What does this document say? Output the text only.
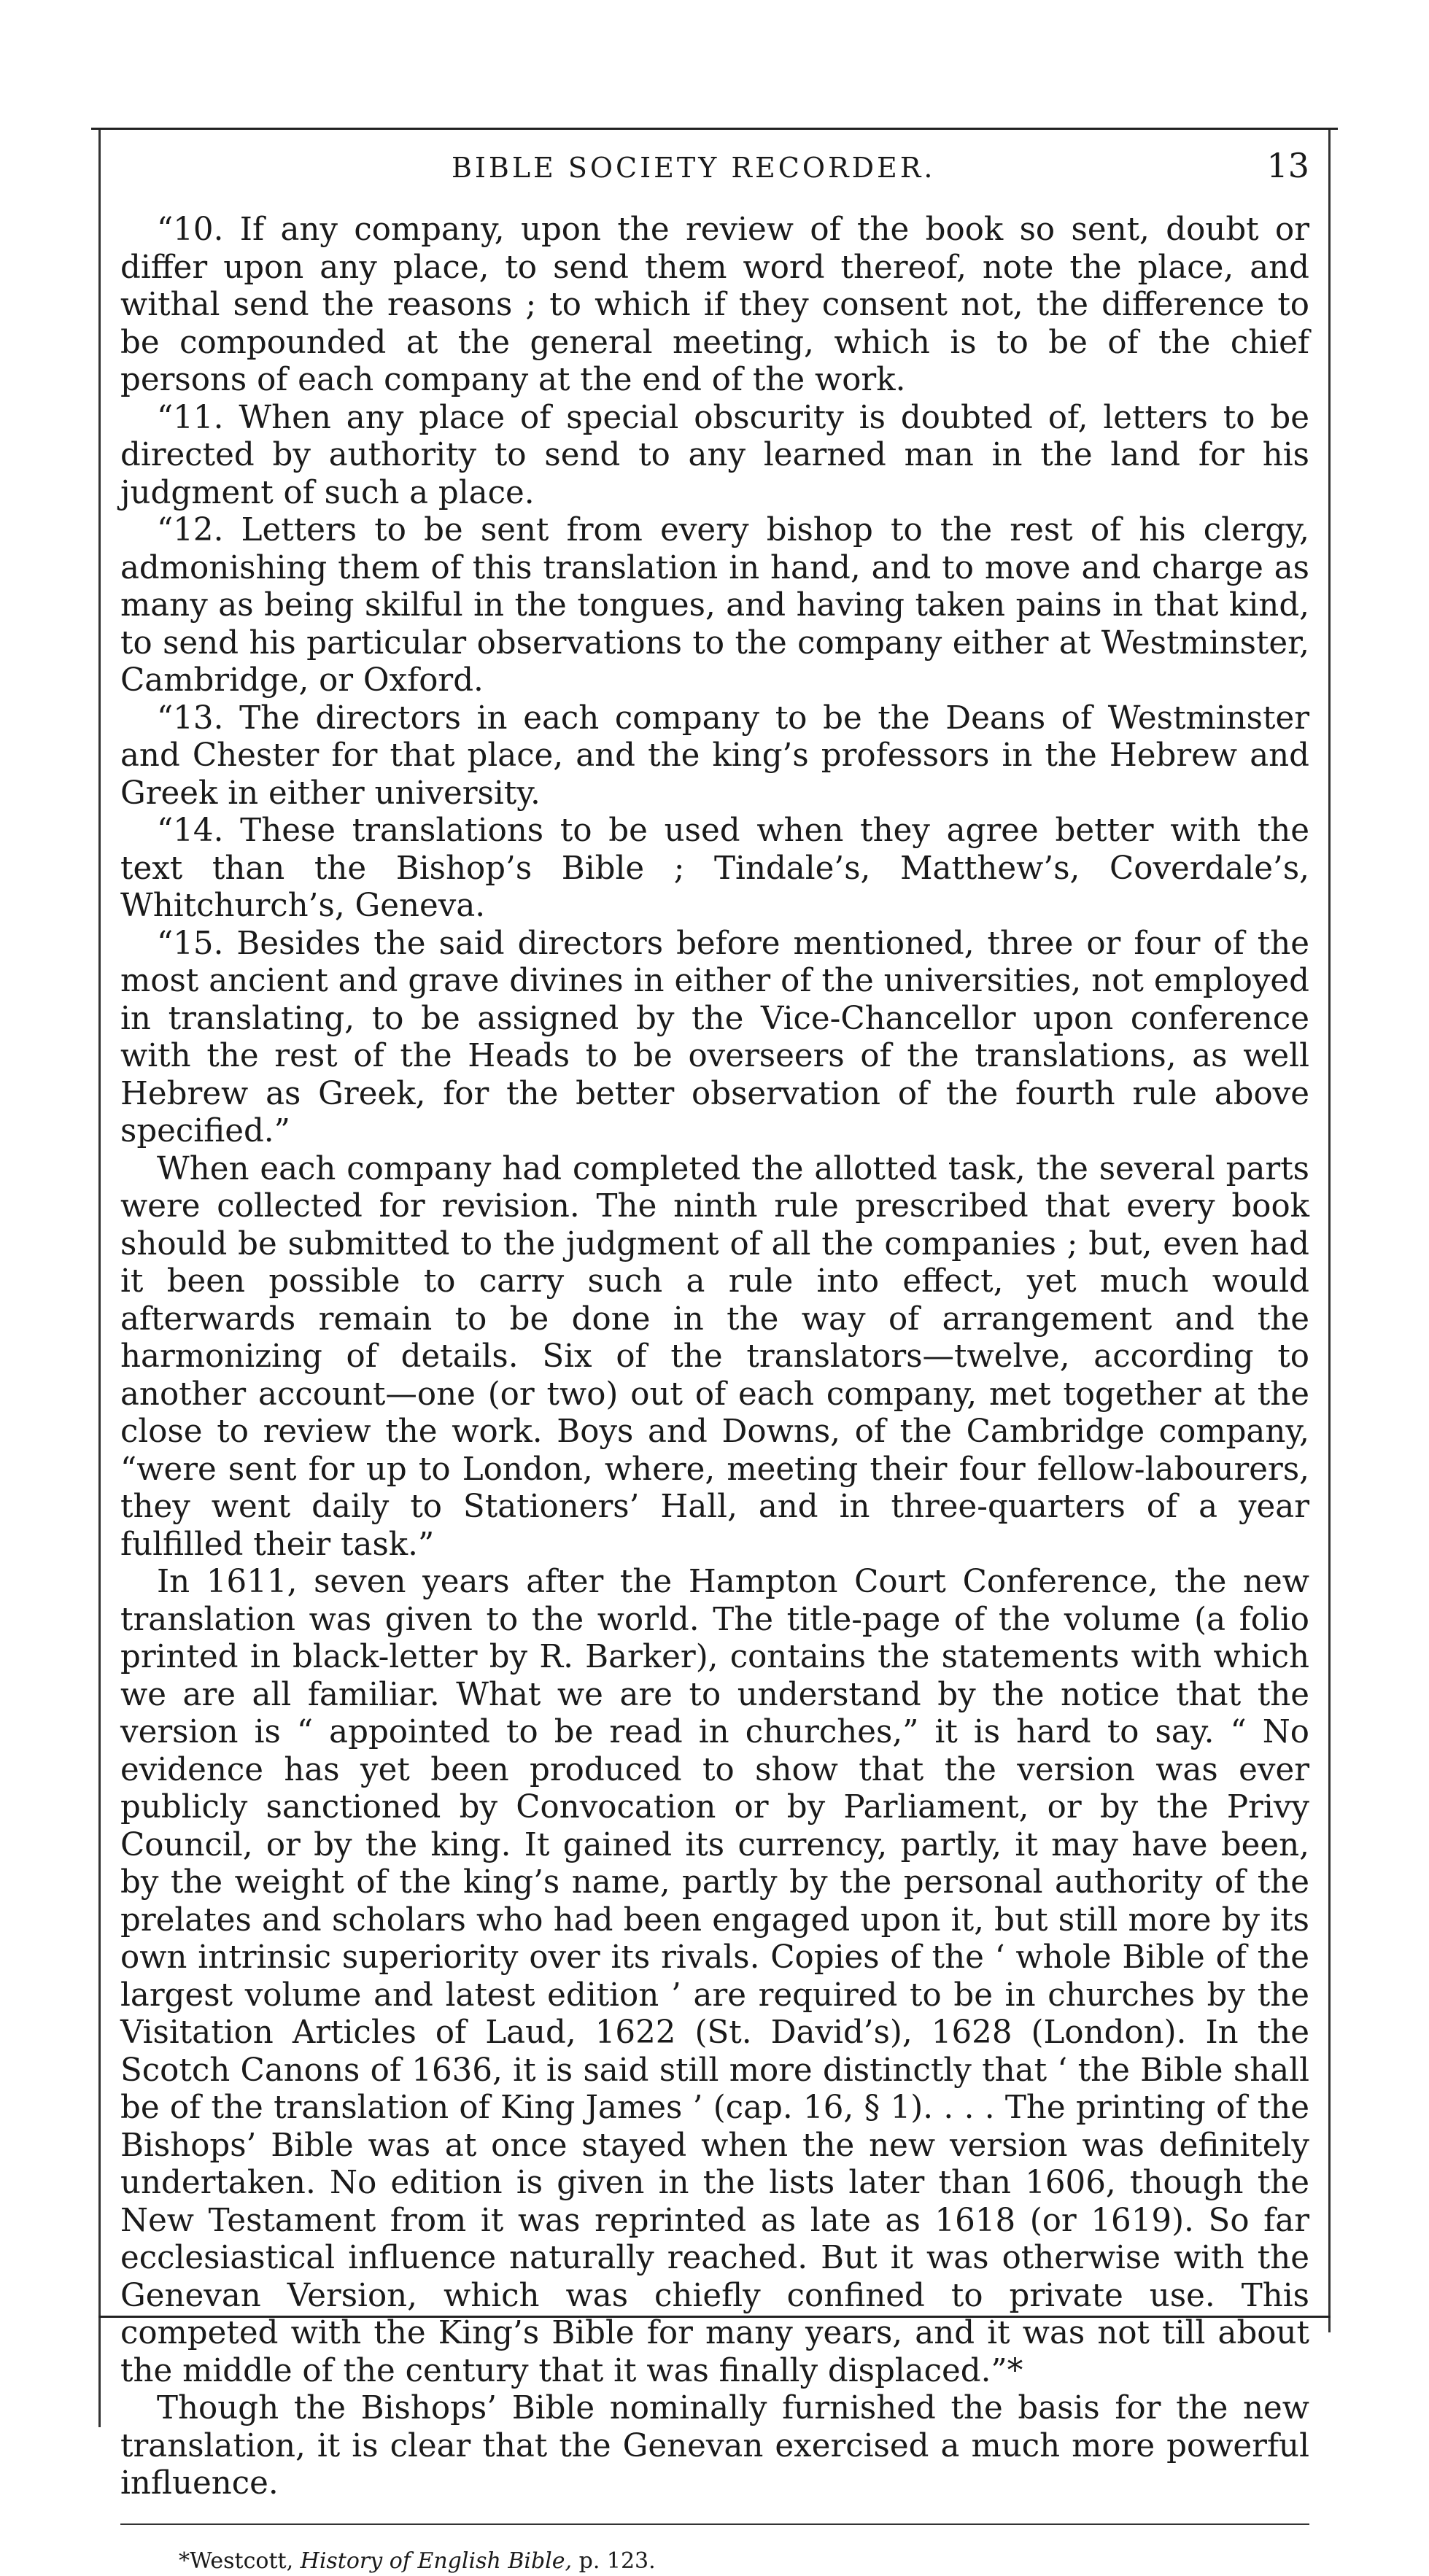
BIBLE SOCIETY RECORDER.	13

“10. If any company, upon the review of the book so sent, doubt or differ upon any place, to send them word thereof, note the place, and withal send the reasons ; to which if they consent not, the difference to be compounded at the general meeting, which is to be of the chief persons of each company at the end of the work.

“11. When any place of special obscurity is doubted of, letters to be directed by authority to send to any learned man in the land for his judgment of such a place.

“12. Letters to be sent from every bishop to the rest of his clergy, admonishing them of this translation in hand, and to move and charge as many as being skilful in the tongues, and having taken pains in that kind, to send his particular observations to the company either at Westminster, Cambridge, or Oxford.

“13. The directors in each company to be the Deans of Westminster and Chester for that place, and the king’s professors in the Hebrew and Greek in either university.

“14. These translations to be used when they agree better with the text than the Bishop’s Bible ; Tindale’s, Matthew’s, Coverdale’s, Whitchurch’s, Geneva.

“15. Besides the said directors before mentioned, three or four of the most ancient and grave divines in either of the universities, not employed in translating, to be assigned by the Vice-Chancellor upon conference with the rest of the Heads to be overseers of the translations, as well Hebrew as Greek, for the better observation of the fourth rule above specified.”

When each company had completed the allotted task, the several parts were collected for revision. The ninth rule prescribed that every book should be submitted to the judgment of all the companies ; but, even had it been possible to carry such a rule into effect, yet much would afterwards remain to be done in the way of arrangement and the harmonizing of details. Six of the translators—twelve, according to another account—one (or two) out of each company, met together at the close to review the work. Boys and Downs, of the Cambridge company, “were sent for up to London, where, meeting their four fellow-labourers, they went daily to Stationers’ Hall, and in three-quarters of a year fulfilled their task.”

In 1611, seven years after the Hampton Court Conference, the new translation was given to the world. The title-page of the volume (a folio printed in black-letter by R. Barker), contains the statements with which we are all familiar. What we are to understand by the notice that the version is “ appointed to be read in churches,” it is hard to say. “ No evidence has yet been produced to show that the version was ever publicly sanctioned by Convocation or by Parliament, or by the Privy Council, or by the king. It gained its currency, partly, it may have been, by the weight of the king’s name, partly by the personal authority of the prelates and scholars who had been engaged upon it, but still more by its own intrinsic superiority over its rivals. Copies of the ‘ whole Bible of the largest volume and latest edition ’ are required to be in churches by the Visitation Articles of Laud, 1622 (St. David’s), 1628 (London). In the Scotch Canons of 1636, it is said still more distinctly that ‘ the Bible shall be of the translation of King James ’ (cap. 16, § 1). . . . The printing of the Bishops’ Bible was at once stayed when the new version was definitely undertaken. No edition is given in the lists later than 1606, though the New Testament from it was reprinted as late as 1618 (or 1619). So far ecclesiastical influence naturally reached. But it was otherwise with the Genevan Version, which was chiefly confined to private use. This competed with the King’s Bible for many years, and it was not till about the middle of the century that it was finally displaced.”*

Though the Bishops’ Bible nominally furnished the basis for the new translation, it is clear that the Genevan exercised a much more powerful influence.

*Westcott, History of English Bible, p. 123.
